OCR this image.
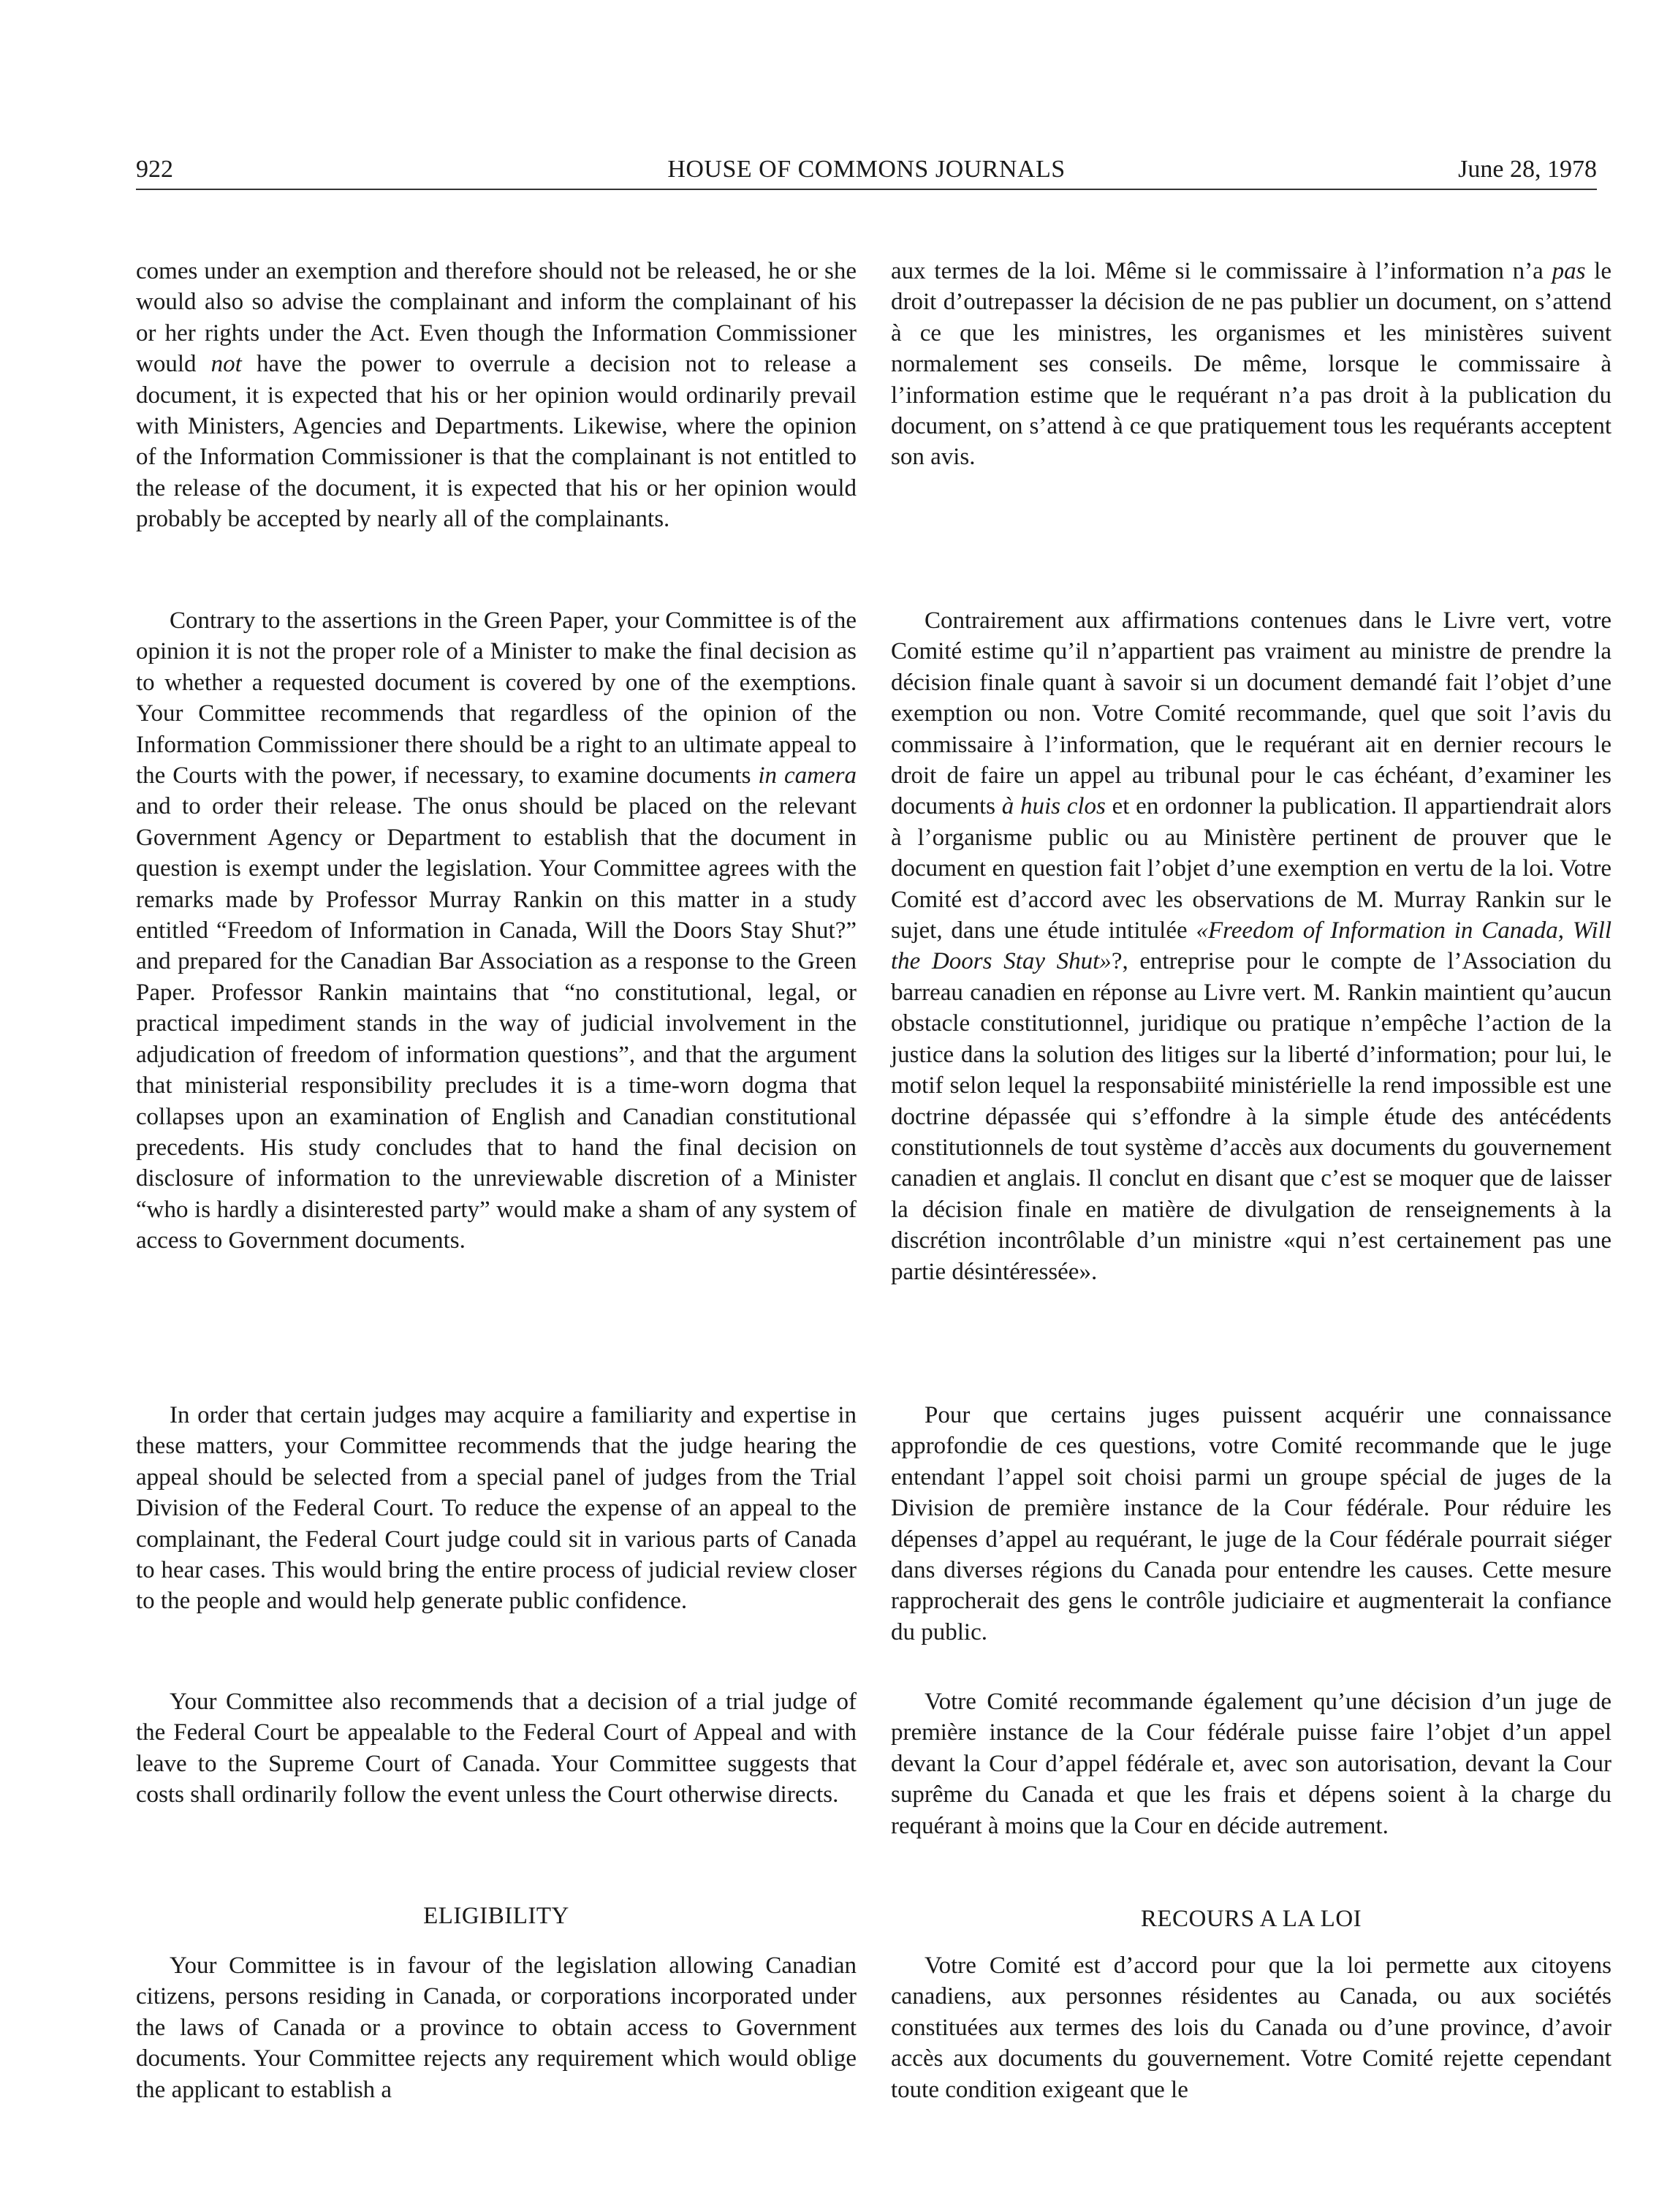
922	HOUSE OF COMMONS JOURNALS	June 28, 1978

comes under an exemption and therefore should not be released, he or she would also so advise the complainant and inform the complainant of his or her rights under the Act. Even though the Information Commissioner would not have the power to overrule a decision not to release a document, it is expected that his or her opinion would ordinarily prevail with Ministers, Agencies and Departments. Likewise, where the opinion of the Information Commissioner is that the complainant is not entitled to the release of the document, it is expected that his or her opinion would probably be accepted by nearly all of the complainants.

Contrary to the assertions in the Green Paper, your Committee is of the opinion it is not the proper role of a Minister to make the final decision as to whether a requested document is covered by one of the exemptions. Your Committee recommends that regardless of the opinion of the Information Commissioner there should be a right to an ultimate appeal to the Courts with the power, if necessary, to examine documents in camera and to order their release. The onus should be placed on the relevant Government Agency or Department to establish that the document in question is exempt under the legislation. Your Committee agrees with the remarks made by Professor Murray Rankin on this matter in a study entitled “Freedom of Information in Canada, Will the Doors Stay Shut?” and prepared for the Canadian Bar Association as a response to the Green Paper. Professor Rankin maintains that “no constitutional, legal, or practical impediment stands in the way of judicial involvement in the adjudication of freedom of information questions”, and that the argument that ministerial responsibility precludes it is a time-worn dogma that collapses upon an examination of English and Canadian constitutional precedents. His study concludes that to hand the final decision on disclosure of information to the unreviewable discretion of a Minister “who is hardly a disinterested party” would make a sham of any system of access to Government documents.

In order that certain judges may acquire a familiarity and expertise in these matters, your Committee recommends that the judge hearing the appeal should be selected from a special panel of judges from the Trial Division of the Federal Court. To reduce the expense of an appeal to the complainant, the Federal Court judge could sit in various parts of Canada to hear cases. This would bring the entire process of judicial review closer to the people and would help generate public confidence.

Your Committee also recommends that a decision of a trial judge of the Federal Court be appealable to the Federal Court of Appeal and with leave to the Supreme Court of Canada. Your Committee suggests that costs shall ordinarily follow the event unless the Court otherwise directs.

ELIGIBILITY

Your Committee is in favour of the legislation allowing Canadian citizens, persons residing in Canada, or corporations incorporated under the laws of Canada or a province to obtain access to Government documents. Your Committee rejects any requirement which would oblige the applicant to establish a

aux termes de la loi. Même si le commissaire à l’information n’a pas le droit d’outrepasser la décision de ne pas publier un document, on s’attend à ce que les ministres, les organismes et les ministères suivent normalement ses conseils. De même, lorsque le commissaire à l’information estime que le requérant n’a pas droit à la publication du document, on s’attend à ce que pratiquement tous les requérants acceptent son avis.

Contrairement aux affirmations contenues dans le Livre vert, votre Comité estime qu’il n’appartient pas vraiment au ministre de prendre la décision finale quant à savoir si un document demandé fait l’objet d’une exemption ou non. Votre Comité recommande, quel que soit l’avis du commissaire à l’information, que le requérant ait en dernier recours le droit de faire un appel au tribunal pour le cas échéant, d’examiner les documents à huis clos et en ordonner la publication. Il appartiendrait alors à l’organisme public ou au Ministère pertinent de prouver que le document en question fait l’objet d’une exemption en vertu de la loi. Votre Comité est d’accord avec les observations de M. Murray Rankin sur le sujet, dans une étude intitulée «Freedom of Information in Canada, Will the Doors Stay Shut»?, entreprise pour le compte de l’Association du barreau canadien en réponse au Livre vert. M. Rankin maintient qu’aucun obstacle constitutionnel, juridique ou pratique n’empêche l’action de la justice dans la solution des litiges sur la liberté d’information; pour lui, le motif selon lequel la responsabiité ministérielle la rend impossible est une doctrine dépassée qui s’effondre à la simple étude des antécédents constitutionnels de tout système d’accès aux documents du gouvernement canadien et anglais. Il conclut en disant que c’est se moquer que de laisser la décision finale en matière de divulgation de renseignements à la discrétion incontrôlable d’un ministre «qui n’est certainement pas une partie désintéressée».

Pour que certains juges puissent acquérir une connaissance approfondie de ces questions, votre Comité recommande que le juge entendant l’appel soit choisi parmi un groupe spécial de juges de la Division de première instance de la Cour fédérale. Pour réduire les dépenses d’appel au requérant, le juge de la Cour fédérale pourrait siéger dans diverses régions du Canada pour entendre les causes. Cette mesure rapprocherait des gens le contrôle judiciaire et augmenterait la confiance du public.

Votre Comité recommande également qu’une décision d’un juge de première instance de la Cour fédérale puisse faire l’objet d’un appel devant la Cour d’appel fédérale et, avec son autorisation, devant la Cour suprême du Canada et que les frais et dépens soient à la charge du requérant à moins que la Cour en décide autrement.

RECOURS A LA LOI

Votre Comité est d’accord pour que la loi permette aux citoyens canadiens, aux personnes résidentes au Canada, ou aux sociétés constituées aux termes des lois du Canada ou d’une province, d’avoir accès aux documents du gouvernement. Votre Comité rejette cependant toute condition exigeant que le
